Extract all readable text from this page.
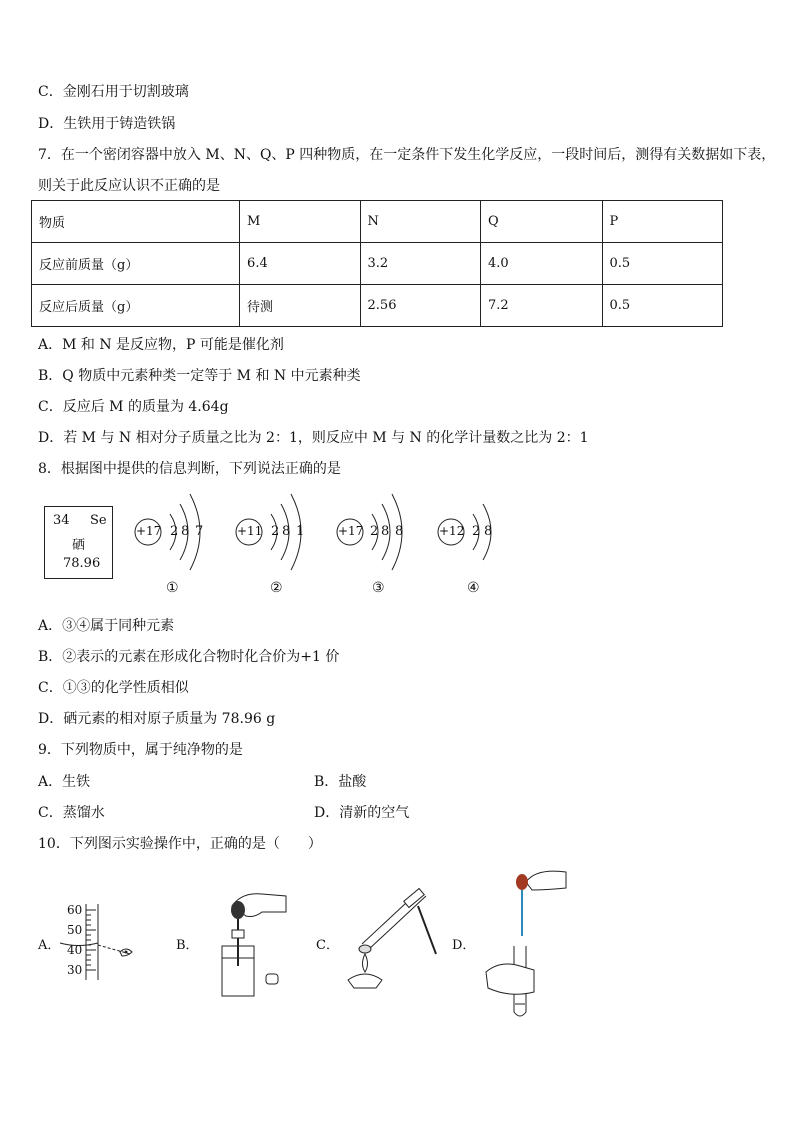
C．金刚石用于切割玻璃
D．生铁用于铸造铁锅
7．在一个密闭容器中放入 M、N、Q、P 四种物质，在一定条件下发生化学反应，一段时间后，测得有关数据如下表，
则关于此反应认识不正确的是
物质	M	N	Q	P
反应前质量（g）	6.4	3.2	4.0	0.5
反应后质量（g）	待测	2.56	7.2	0.5
A．M 和 N 是反应物，P 可能是催化剂
B．Q 物质中元素种类一定等于 M 和 N 中元素种类
C．反应后 M 的质量为 4.64g
D．若 M 与 N 相对分子质量之比为 2：1，则反应中 M 与 N 的化学计量数之比为 2：1
8．根据图中提供的信息判断，下列说法正确的是
34 Se
硒
78.96
+17 2 8 7
①
+11 2 8 1
②
+17 2 8 8
③
+12 2 8
④
A．③④属于同种元素
B．②表示的元素在形成化合物时化合价为+1 价
C．①③的化学性质相似
D．硒元素的相对原子质量为 78.96 g
9．下列物质中，属于纯净物的是
A．生铁	B．盐酸
C．蒸馏水	D．清新的空气
10．下列图示实验操作中，正确的是（　　）
A．
60
50
40
30
B．	C．	D．
